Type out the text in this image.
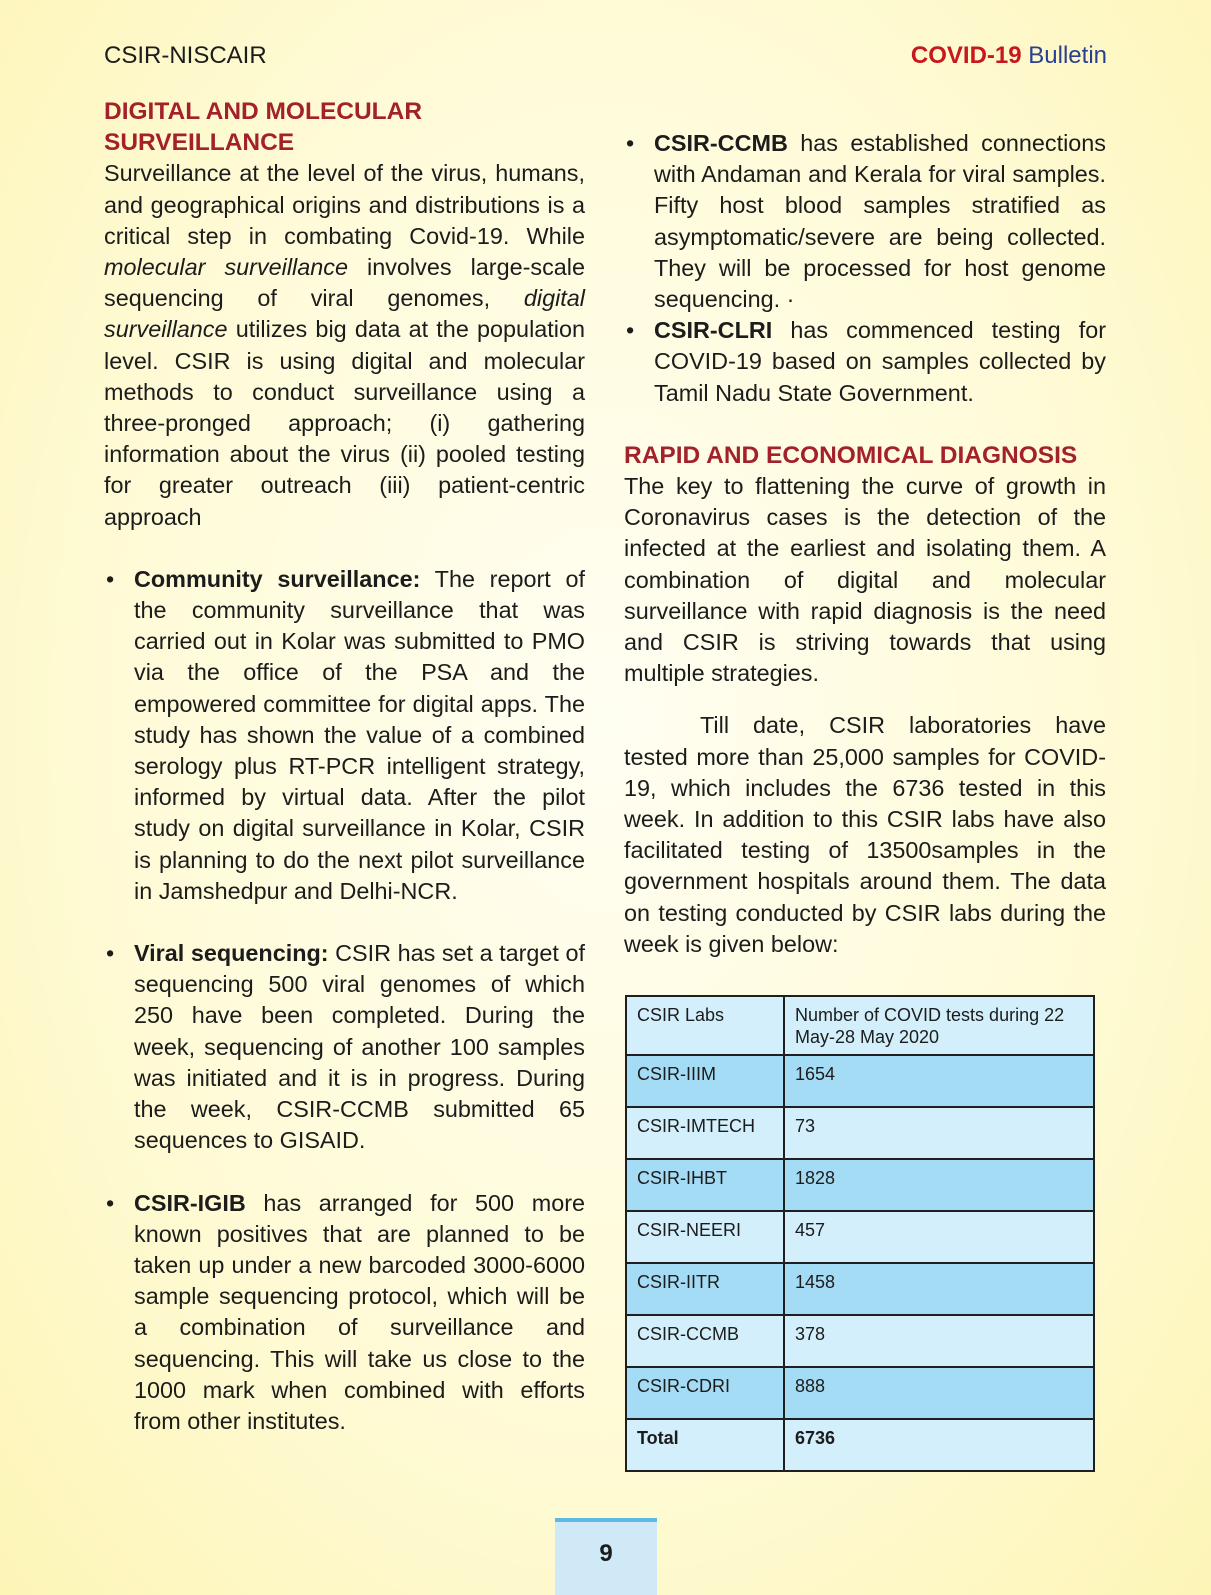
CSIR-NISCAIR	COVID-19 Bulletin
DIGITAL AND MOLECULAR
SURVEILLANCE

Surveillance at the level of the virus, humans, and geographical origins and distributions is a critical step in combating Covid-19. While molecular surveillance involves large-scale sequencing of viral genomes, digital surveillance utilizes big data at the population level. CSIR is using digital and molecular methods to conduct surveillance using a three-pronged approach; (i) gathering information about the virus (ii) pooled testing for greater outreach (iii) patient-centric approach

• Community surveillance: The report of the community surveillance that was carried out in Kolar was submitted to PMO via the office of the PSA and the empowered committee for digital apps. The study has shown the value of a combined serology plus RT-PCR intelligent strategy, informed by virtual data. After the pilot study on digital surveillance in Kolar, CSIR is planning to do the next pilot surveillance in Jamshedpur and Delhi-NCR.
• Viral sequencing: CSIR has set a target of sequencing 500 viral genomes of which 250 have been completed. During the week, sequencing of another 100 samples was initiated and it is in progress. During the week, CSIR-CCMB submitted 65 sequences to GISAID.
• CSIR-IGIB has arranged for 500 more known positives that are planned to be taken up under a new barcoded 3000-6000 sample sequencing protocol, which will be a combination of surveillance and sequencing. This will take us close to the 1000 mark when combined with efforts from other institutes.
• CSIR-CCMB has established connections with Andaman and Kerala for viral samples. Fifty host blood samples stratified as asymptomatic/severe are being collected. They will be processed for host genome sequencing. ·
• CSIR-CLRI has commenced testing for COVID-19 based on samples collected by Tamil Nadu State Government.
RAPID AND ECONOMICAL DIAGNOSIS

The key to flattening the curve of growth in Coronavirus cases is the detection of the infected at the earliest and isolating them. A combination of digital and molecular surveillance with rapid diagnosis is the need and CSIR is striving towards that using multiple strategies.

Till date, CSIR laboratories have tested more than 25,000 samples for COVID-19, which includes the 6736 tested in this week. In addition to this CSIR labs have also facilitated testing of 13500samples in the government hospitals around them. The data on testing conducted by CSIR labs during the week is given below:

CSIR Labs	Number of COVID tests during 22 May-28 May 2020
CSIR-IIIM	1654
CSIR-IMTECH	73
CSIR-IHBT	1828
CSIR-NEERI	457
CSIR-IITR	1458
CSIR-CCMB	378
CSIR-CDRI	888
Total	6736
9
